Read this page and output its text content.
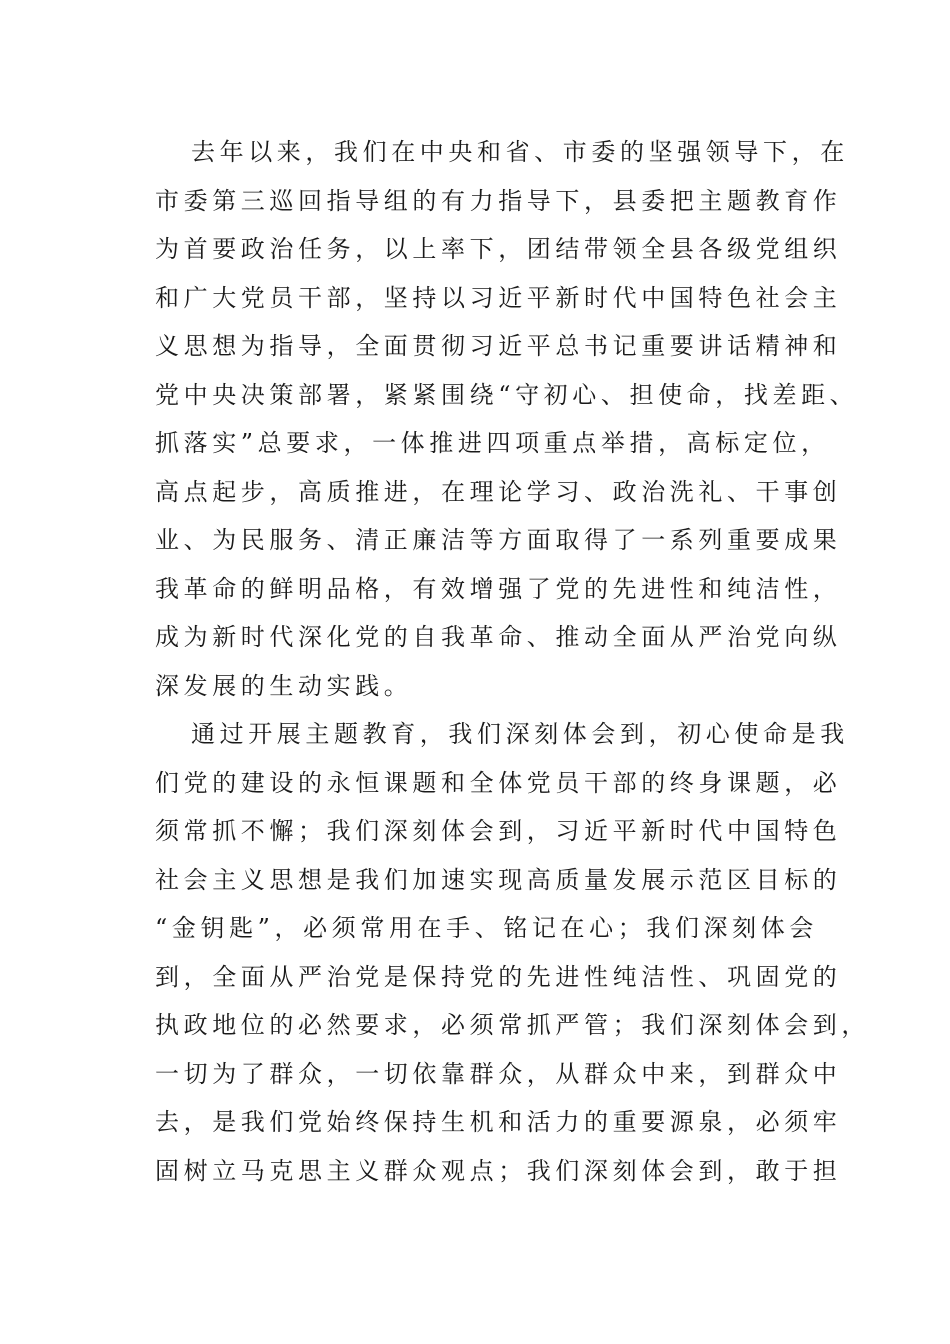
去年以来，我们在中央和省、市委的坚强领导下，在
市委第三巡回指导组的有力指导下，县委把主题教育作
为首要政治任务，以上率下，团结带领全县各级党组织
和广大党员干部，坚持以习近平新时代中国特色社会主
义思想为指导，全面贯彻习近平总书记重要讲话精神和
党中央决策部署，紧紧围绕“守初心、担使命，找差距、
抓落实”总要求，一体推进四项重点举措，高标定位，
高点起步，高质推进，在理论学习、政治洗礼、干事创
业、为民服务、清正廉洁等方面取得了一系列重要成果
我革命的鲜明品格，有效增强了党的先进性和纯洁性，
成为新时代深化党的自我革命、推动全面从严治党向纵
深发展的生动实践。
通过开展主题教育，我们深刻体会到，初心使命是我
们党的建设的永恒课题和全体党员干部的终身课题，必
须常抓不懈；我们深刻体会到，习近平新时代中国特色
社会主义思想是我们加速实现高质量发展示范区目标的
“金钥匙”，必须常用在手、铭记在心；我们深刻体会
到，全面从严治党是保持党的先进性纯洁性、巩固党的
执政地位的必然要求，必须常抓严管；我们深刻体会到，
一切为了群众，一切依靠群众，从群众中来，到群众中
去，是我们党始终保持生机和活力的重要源泉，必须牢
固树立马克思主义群众观点；我们深刻体会到，敢于担
